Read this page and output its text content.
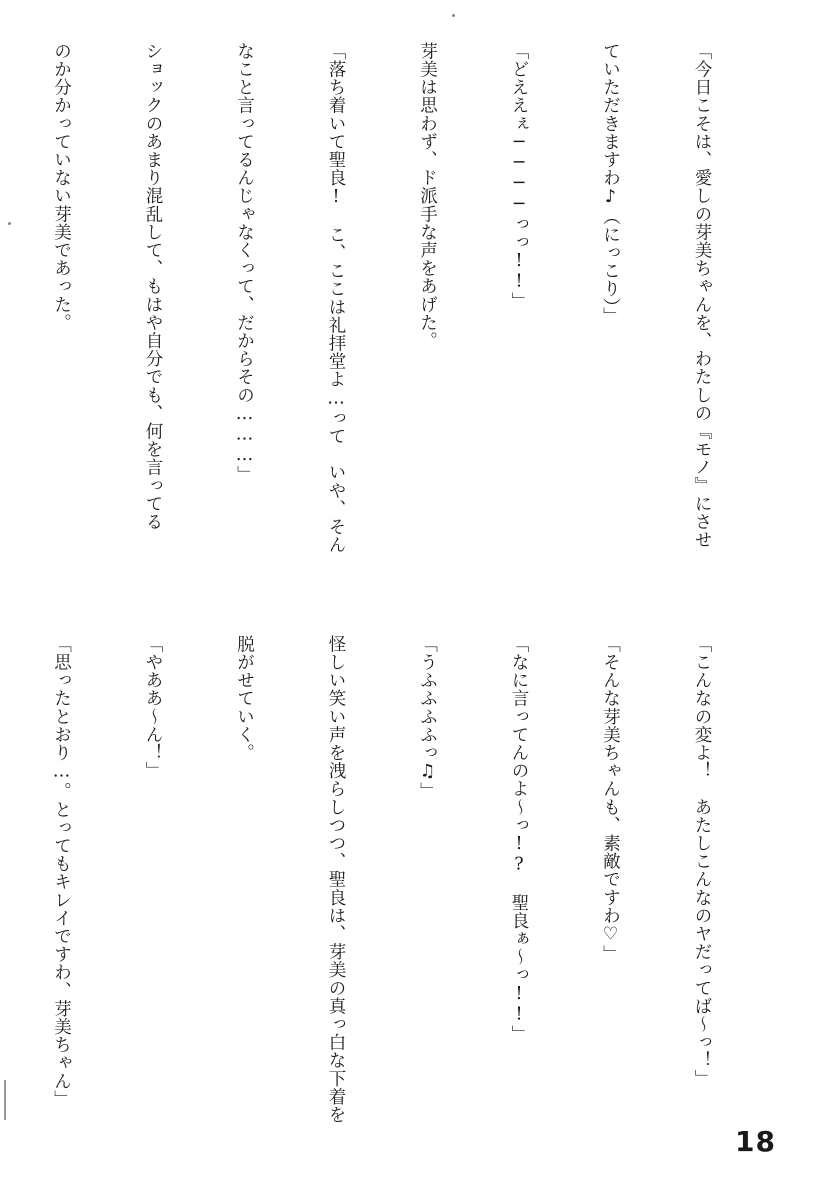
「今日こそは、愛しの芽美ちゃんを、わたしの『モノ』にさせ

ていただきますわ♪（にっこり）」

「どええぇ────っっ!!」

芽美は思わず、ド派手な声をあげた。

「落ち着いて聖良!　こ、ここは礼拝堂よ…って　いや、そん

なこと言ってるんじゃなくって、だからその………」

ショックのあまり混乱して、もはや自分でも、何を言ってる

のか分かっていない芽美であった。

「こんなの変よ！　あたしこんなのヤだってば〜っ！」

「そんな芽美ちゃんも、素敵ですわ♡」

「なに言ってんのよ〜っ!?　聖良ぁ〜っ!!」

「うふふふふっ♫」

怪しい笑い声を洩らしつつ、聖良は、芽美の真っ白な下着を

脱がせていく。

「やああ〜ん！」

「思ったとおり…。とってもキレイですわ、芽美ちゃん」

18
